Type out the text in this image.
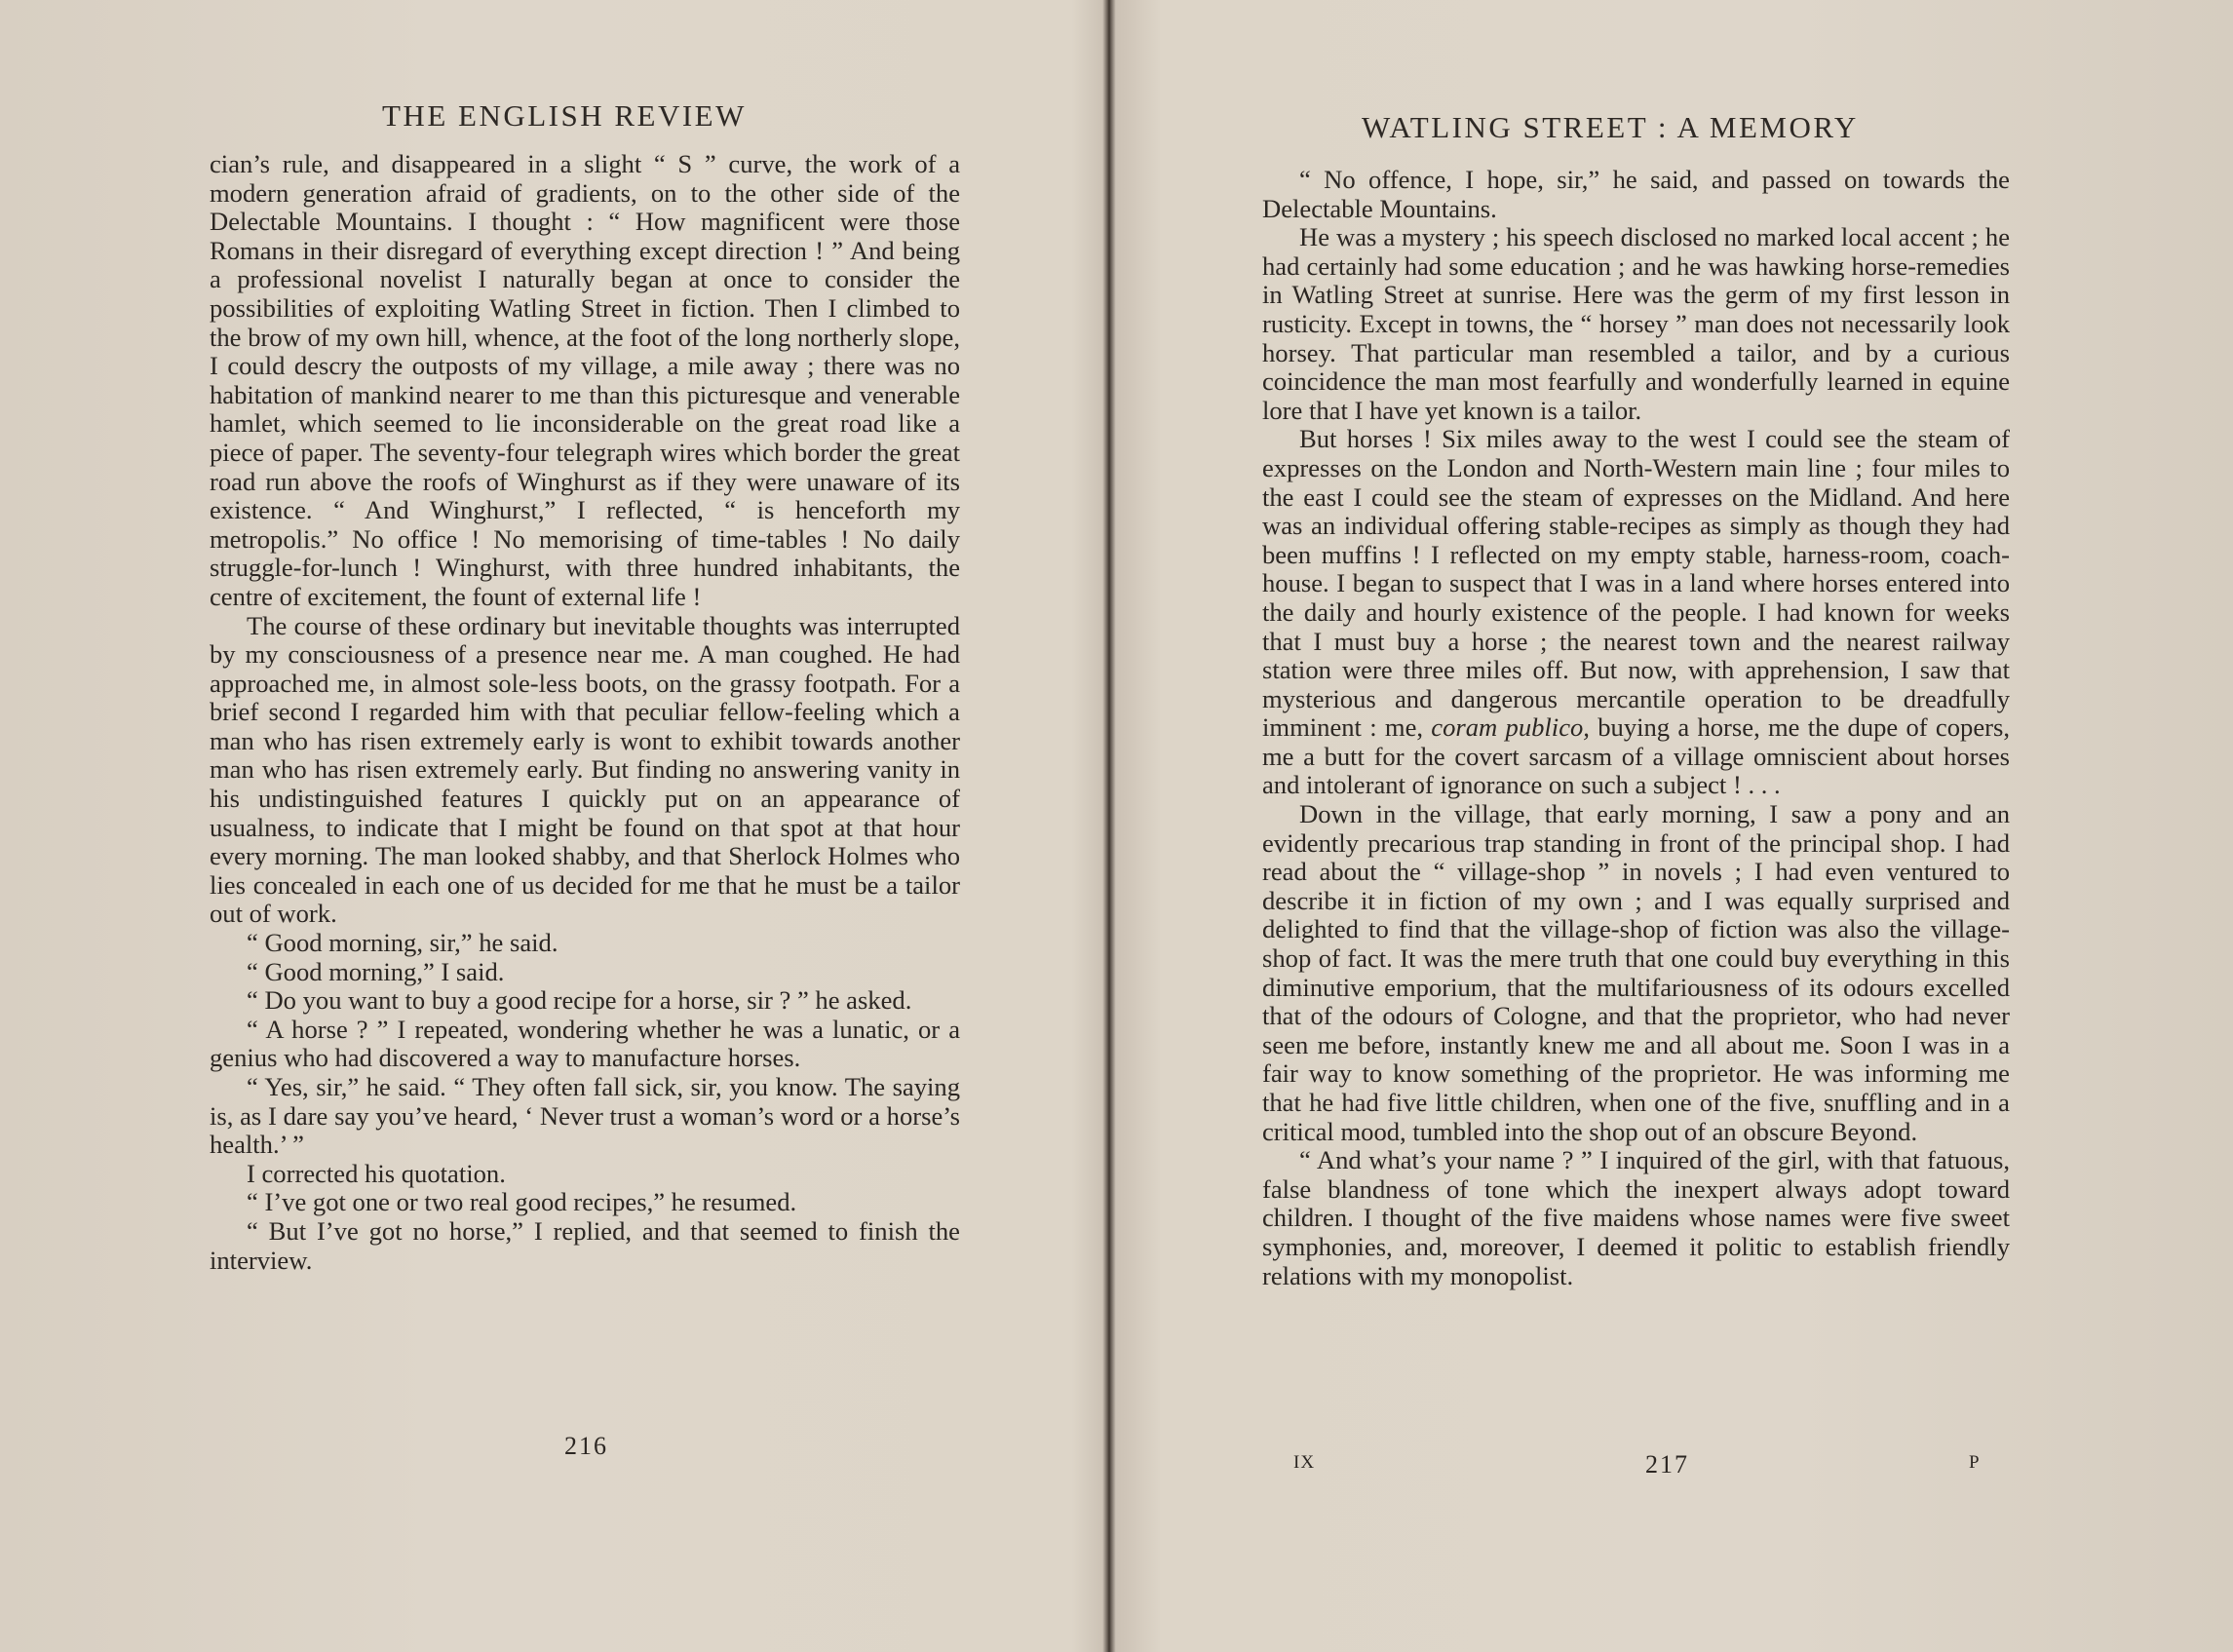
THE ENGLISH REVIEW

cian’s rule, and disappeared in a slight “ S ” curve, the work of a modern generation afraid of gradients, on to the other side of the Delectable Mountains. I thought : “ How magnificent were those Romans in their disregard of everything except direction ! ” And being a professional novelist I naturally began at once to consider the possibilities of exploiting Watling Street in fiction. Then I climbed to the brow of my own hill, whence, at the foot of the long northerly slope, I could descry the outposts of my village, a mile away ; there was no habitation of mankind nearer to me than this picturesque and venerable hamlet, which seemed to lie inconsiderable on the great road like a piece of paper. The seventy-four telegraph wires which border the great road run above the roofs of Winghurst as if they were unaware of its existence. “ And Winghurst,” I reflected, “ is henceforth my metropolis.” No office ! No memorising of time-tables ! No daily struggle-for-lunch ! Winghurst, with three hundred inhabitants, the centre of excitement, the fount of external life !

The course of these ordinary but inevitable thoughts was interrupted by my consciousness of a presence near me. A man coughed. He had approached me, in almost sole-less boots, on the grassy footpath. For a brief second I regarded him with that peculiar fellow-feeling which a man who has risen extremely early is wont to exhibit towards another man who has risen extremely early. But finding no answering vanity in his undistinguished features I quickly put on an appearance of usualness, to indicate that I might be found on that spot at that hour every morning. The man looked shabby, and that Sherlock Holmes who lies concealed in each one of us decided for me that he must be a tailor out of work.

“ Good morning, sir,” he said.

“ Good morning,” I said.

“ Do you want to buy a good recipe for a horse, sir ? ” he asked.

“ A horse ? ” I repeated, wondering whether he was a lunatic, or a genius who had discovered a way to manufacture horses.

“ Yes, sir,” he said. “ They often fall sick, sir, you know. The saying is, as I dare say you’ve heard, ‘ Never trust a woman’s word or a horse’s health.’ ”

I corrected his quotation.

“ I’ve got one or two real good recipes,” he resumed.

“ But I’ve got no horse,” I replied, and that seemed to finish the interview.

216
WATLING STREET : A MEMORY

“ No offence, I hope, sir,” he said, and passed on towards the Delectable Mountains.

He was a mystery ; his speech disclosed no marked local accent ; he had certainly had some education ; and he was hawking horse-remedies in Watling Street at sunrise. Here was the germ of my first lesson in rusticity. Except in towns, the “ horsey ” man does not necessarily look horsey. That particular man resembled a tailor, and by a curious coincidence the man most fearfully and wonderfully learned in equine lore that I have yet known is a tailor.

But horses ! Six miles away to the west I could see the steam of expresses on the London and North-Western main line ; four miles to the east I could see the steam of expresses on the Midland. And here was an individual offering stable-recipes as simply as though they had been muffins ! I reflected on my empty stable, harness-room, coach-house. I began to suspect that I was in a land where horses entered into the daily and hourly existence of the people. I had known for weeks that I must buy a horse ; the nearest town and the nearest railway station were three miles off. But now, with apprehension, I saw that mysterious and dangerous mercantile operation to be dreadfully imminent : me, coram publico, buying a horse, me the dupe of copers, me a butt for the covert sarcasm of a village omniscient about horses and intolerant of ignorance on such a subject ! . . .

Down in the village, that early morning, I saw a pony and an evidently precarious trap standing in front of the principal shop. I had read about the “ village-shop ” in novels ; I had even ventured to describe it in fiction of my own ; and I was equally surprised and delighted to find that the village-shop of fiction was also the village-shop of fact. It was the mere truth that one could buy everything in this diminutive emporium, that the multifariousness of its odours excelled that of the odours of Cologne, and that the proprietor, who had never seen me before, instantly knew me and all about me. Soon I was in a fair way to know something of the proprietor. He was informing me that he had five little children, when one of the five, snuffling and in a critical mood, tumbled into the shop out of an obscure Beyond.

“ And what’s your name ? ” I inquired of the girl, with that fatuous, false blandness of tone which the inexpert always adopt toward children. I thought of the five maidens whose names were five sweet symphonies, and, moreover, I deemed it politic to establish friendly relations with my monopolist.

IX	217	P
